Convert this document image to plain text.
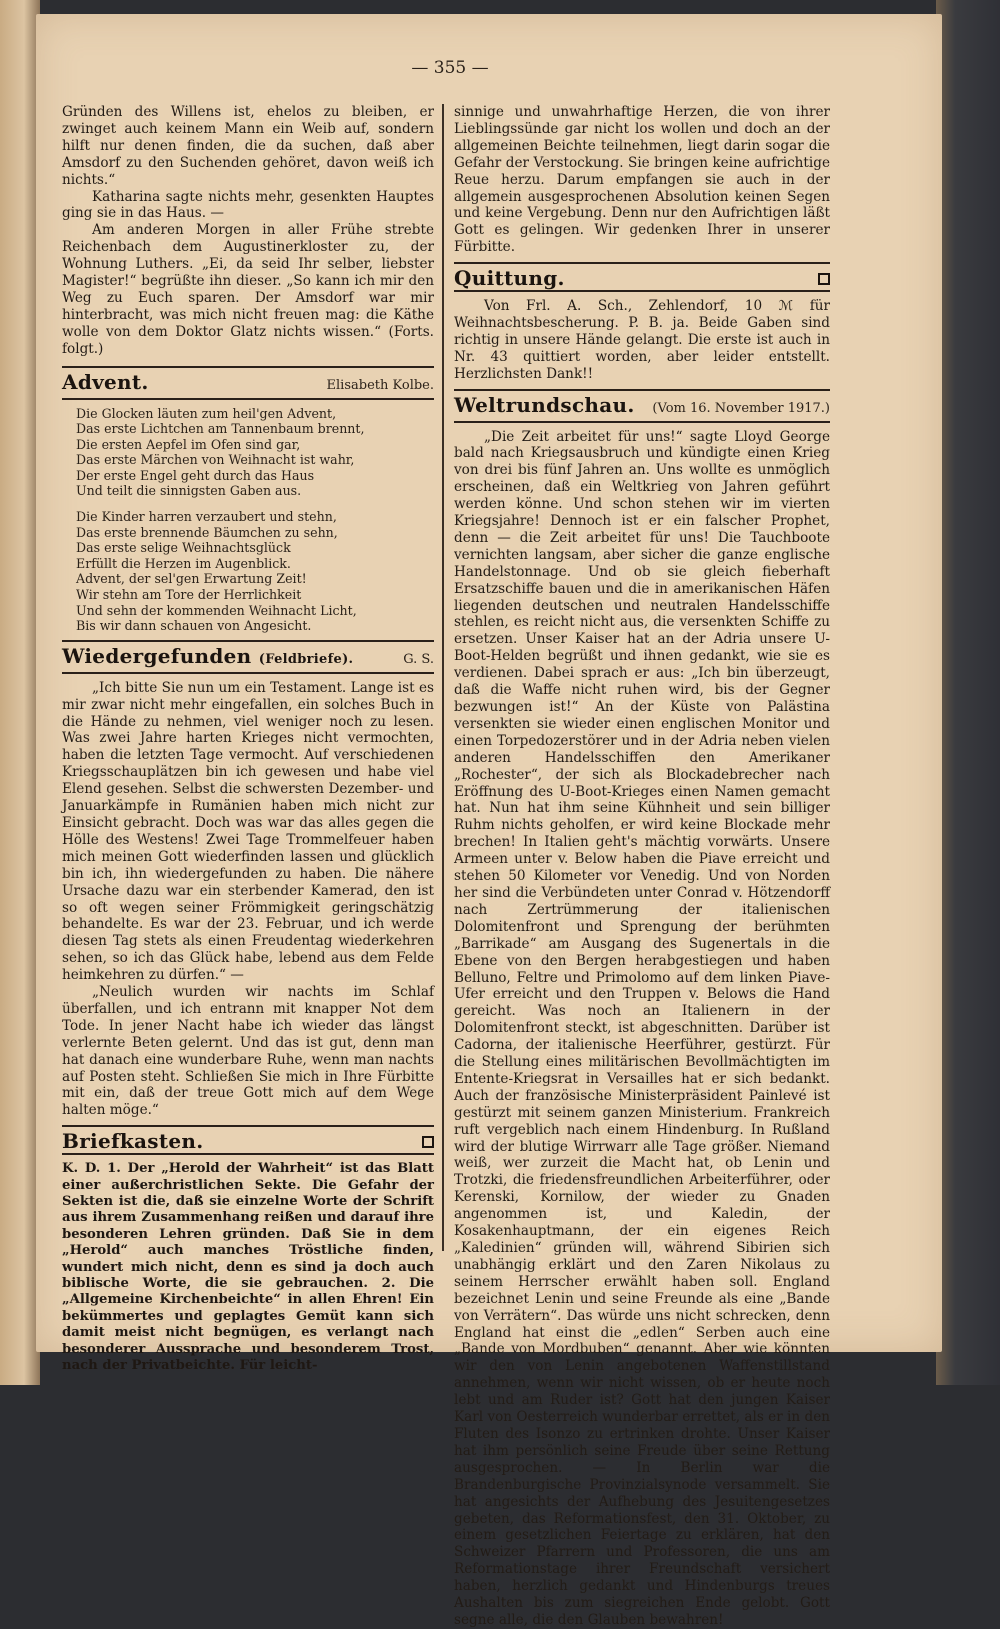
— 355 —

Gründen des Willens ist, ehelos zu bleiben, er zwinget auch keinem Mann ein Weib auf, sondern hilft nur denen finden, die da suchen, daß aber Amsdorf zu den Suchenden gehöret, davon weiß ich nichts.“

Katharina sagte nichts mehr, gesenkten Hauptes ging sie in das Haus. —

Am anderen Morgen in aller Frühe strebte Reichenbach dem Augustinerkloster zu, der Wohnung Luthers. „Ei, da seid Ihr selber, liebster Magister!“ begrüßte ihn dieser. „So kann ich mir den Weg zu Euch sparen. Der Amsdorf war mir hinterbracht, was mich nicht freuen mag: die Käthe wolle von dem Doktor Glatz nichts wissen.“ (Forts. folgt.)

Advent.	Elisabeth Kolbe.
Die Glocken läuten zum heil'gen Advent,
Das erste Lichtchen am Tannenbaum brennt,
Die ersten Aepfel im Ofen sind gar,
Das erste Märchen von Weihnacht ist wahr,
Der erste Engel geht durch das Haus
Und teilt die sinnigsten Gaben aus.
Die Kinder harren verzaubert und stehn,
Das erste brennende Bäumchen zu sehn,
Das erste selige Weihnachtsglück
Erfüllt die Herzen im Augenblick.
Advent, der sel'gen Erwartung Zeit!
Wir stehn am Tore der Herrlichkeit
Und sehn der kommenden Weihnacht Licht,
Bis wir dann schauen von Angesicht.
Wiedergefunden (Feldbriefe).	G. S.

„Ich bitte Sie nun um ein Testament. Lange ist es mir zwar nicht mehr eingefallen, ein solches Buch in die Hände zu nehmen, viel weniger noch zu lesen. Was zwei Jahre harten Krieges nicht vermochten, haben die letzten Tage vermocht. Auf verschiedenen Kriegsschauplätzen bin ich gewesen und habe viel Elend gesehen. Selbst die schwersten Dezember- und Januarkämpfe in Rumänien haben mich nicht zur Einsicht gebracht. Doch was war das alles gegen die Hölle des Westens! Zwei Tage Trommelfeuer haben mich meinen Gott wiederfinden lassen und glücklich bin ich, ihn wiedergefunden zu haben. Die nähere Ursache dazu war ein sterbender Kamerad, den ist so oft wegen seiner Frömmigkeit geringschätzig behandelte. Es war der 23. Februar, und ich werde diesen Tag stets als einen Freudentag wiederkehren sehen, so ich das Glück habe, lebend aus dem Felde heimkehren zu dürfen.“ —

„Neulich wurden wir nachts im Schlaf überfallen, und ich entrann mit knapper Not dem Tode. In jener Nacht habe ich wieder das längst verlernte Beten gelernt. Und das ist gut, denn man hat danach eine wunderbare Ruhe, wenn man nachts auf Posten steht. Schließen Sie mich in Ihre Fürbitte mit ein, daß der treue Gott mich auf dem Wege halten möge.“

Briefkasten.

K. D. 1. Der „Herold der Wahrheit“ ist das Blatt einer außerchristlichen Sekte. Die Gefahr der Sekten ist die, daß sie einzelne Worte der Schrift aus ihrem Zusammenhang reißen und darauf ihre besonderen Lehren gründen. Daß Sie in dem „Herold“ auch manches Tröstliche finden, wundert mich nicht, denn es sind ja doch auch biblische Worte, die sie gebrauchen. 2. Die „Allgemeine Kirchenbeichte“ in allen Ehren! Ein bekümmertes und geplagtes Gemüt kann sich damit meist nicht begnügen, es verlangt nach besonderer Aussprache und besonderem Trost, nach der Privatbeichte. Für leicht-

sinnige und unwahrhaftige Herzen, die von ihrer Lieblingssünde gar nicht los wollen und doch an der allgemeinen Beichte teilnehmen, liegt darin sogar die Gefahr der Verstockung. Sie bringen keine aufrichtige Reue herzu. Darum empfangen sie auch in der allgemein ausgesprochenen Absolution keinen Segen und keine Vergebung. Denn nur den Aufrichtigen läßt Gott es gelingen. Wir gedenken Ihrer in unserer Fürbitte.

Quittung.

Von Frl. A. Sch., Zehlendorf, 10 ℳ für Weihnachtsbescherung. P. B. ja. Beide Gaben sind richtig in unsere Hände gelangt. Die erste ist auch in Nr. 43 quittiert worden, aber leider entstellt. Herzlichsten Dank!!

Weltrundschau. (Vom 16. November 1917.)

„Die Zeit arbeitet für uns!“ sagte Lloyd George bald nach Kriegsausbruch und kündigte einen Krieg von drei bis fünf Jahren an. Uns wollte es unmöglich erscheinen, daß ein Weltkrieg von Jahren geführt werden könne. Und schon stehen wir im vierten Kriegsjahre! Dennoch ist er ein falscher Prophet, denn — die Zeit arbeitet für uns! Die Tauchboote vernichten langsam, aber sicher die ganze englische Handelstonnage. Und ob sie gleich fieberhaft Ersatzschiffe bauen und die in amerikanischen Häfen liegenden deutschen und neutralen Handelsschiffe stehlen, es reicht nicht aus, die versenkten Schiffe zu ersetzen. Unser Kaiser hat an der Adria unsere U-Boot-Helden begrüßt und ihnen gedankt, wie sie es verdienen. Dabei sprach er aus: „Ich bin überzeugt, daß die Waffe nicht ruhen wird, bis der Gegner bezwungen ist!“ An der Küste von Palästina versenkten sie wieder einen englischen Monitor und einen Torpedozerstörer und in der Adria neben vielen anderen Handelsschiffen den Amerikaner „Rochester“, der sich als Blockadebrecher nach Eröffnung des U-Boot-Krieges einen Namen gemacht hat. Nun hat ihm seine Kühnheit und sein billiger Ruhm nichts geholfen, er wird keine Blockade mehr brechen! In Italien geht's mächtig vorwärts. Unsere Armeen unter v. Below haben die Piave erreicht und stehen 50 Kilometer vor Venedig. Und von Norden her sind die Verbündeten unter Conrad v. Hötzendorff nach Zertrümmerung der italienischen Dolomitenfront und Sprengung der berühmten „Barrikade“ am Ausgang des Sugenertals in die Ebene von den Bergen herabgestiegen und haben Belluno, Feltre und Primolomo auf dem linken Piave-Ufer erreicht und den Truppen v. Belows die Hand gereicht. Was noch an Italienern in der Dolomitenfront steckt, ist abgeschnitten. Darüber ist Cadorna, der italienische Heerführer, gestürzt. Für die Stellung eines militärischen Bevollmächtigten im Entente-Kriegsrat in Versailles hat er sich bedankt. Auch der französische Ministerpräsident Painlevé ist gestürzt mit seinem ganzen Ministerium. Frankreich ruft vergeblich nach einem Hindenburg. In Rußland wird der blutige Wirrwarr alle Tage größer. Niemand weiß, wer zurzeit die Macht hat, ob Lenin und Trotzki, die friedensfreundlichen Arbeiterführer, oder Kerenski, Kornilow, der wieder zu Gnaden angenommen ist, und Kaledin, der Kosakenhauptmann, der ein eigenes Reich „Kaledinien“ gründen will, während Sibirien sich unabhängig erklärt und den Zaren Nikolaus zu seinem Herrscher erwählt haben soll. England bezeichnet Lenin und seine Freunde als eine „Bande von Verrätern“. Das würde uns nicht schrecken, denn England hat einst die „edlen“ Serben auch eine „Bande von Mordbuben“ genannt. Aber wie könnten wir den von Lenin angebotenen Waffenstillstand annehmen, wenn wir nicht wissen, ob er heute noch lebt und am Ruder ist? Gott hat den jungen Kaiser Karl von Oesterreich wunderbar errettet, als er in den Fluten des Isonzo zu ertrinken drohte. Unser Kaiser hat ihm persönlich seine Freude über seine Rettung ausgesprochen. — In Berlin war die Brandenburgische Provinzialsynode versammelt. Sie hat angesichts der Aufhebung des Jesuitengesetzes gebeten, das Reformationsfest, den 31. Oktober, zu einem gesetzlichen Feiertage zu erklären, hat den Schweizer Pfarrern und Professoren, die uns am Reformationstage ihrer Freundschaft versichert haben, herzlich gedankt und Hindenburgs treues Aushalten bis zum siegreichen Ende gelobt. Gott segne alle, die den Glauben bewahren!
